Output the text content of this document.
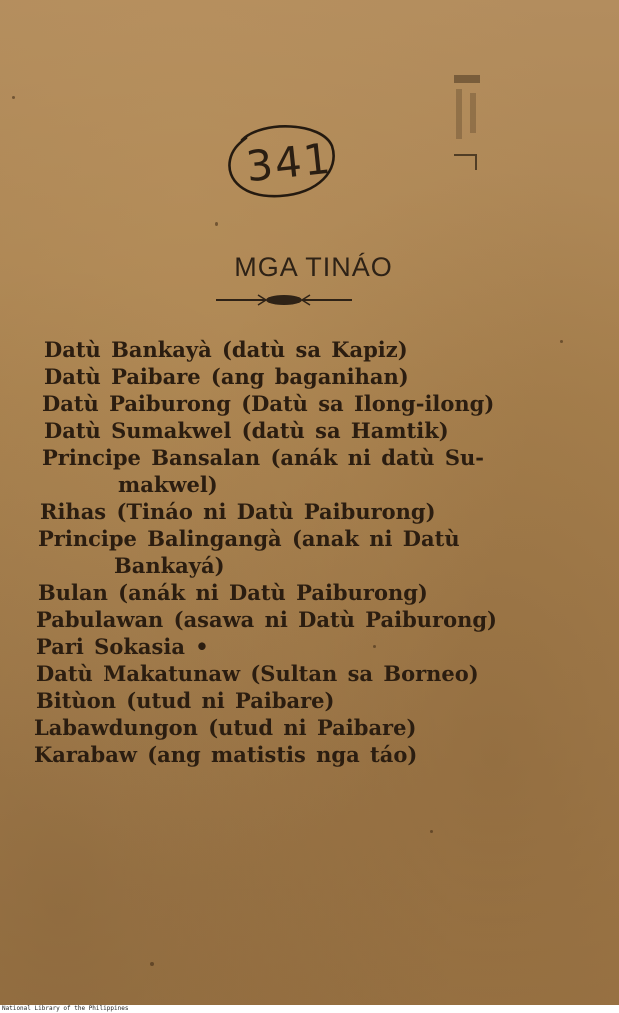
341
MGA TINÁO
Datù Bankayà (datù sa Kapiz)
Datù Paibare (ang baganihan)
Datù Paiburong (Datù sa Ilong-ilong)
Datù Sumakwel (datù sa Hamtik)
Principe Bansalan (anák ni datù Su-
makwel)
Rihas (Tináo ni Datù Paiburong)
Principe Balingangà (anak ni Datù
Bankayá)
Bulan (anák ni Datù Paiburong)
Pabulawan (asawa ni Datù Paiburong)
Pari Sokasia •
Datù Makatunaw (Sultan sa Borneo)
Bitùon (utud ni Paibare)
Labawdungon (utud ni Paibare)
Karabaw (ang matistis nga táo)
National Library of the Philippines
